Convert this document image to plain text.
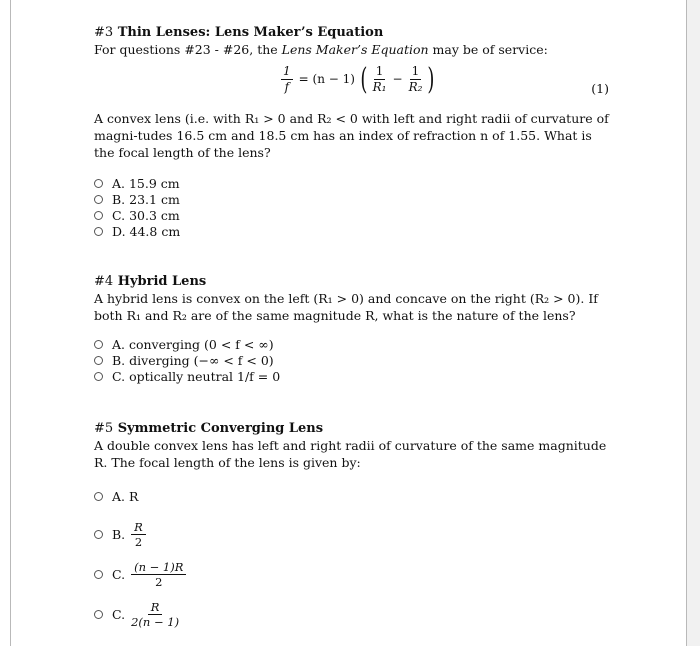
#3 Thin Lenses: Lens Maker’s Equation

For questions #23 - #26, the Lens Maker’s Equation may be of service:

$\frac{1}{f} = (n - 1)$ ( $\frac{1}{\text{R₁}} - \frac{1}{\text{R₂}}$ )	(1)

A convex lens (i.e. with R₁ > 0 and R₂ < 0 with left and right radii of curvature of magni-tudes 16.5 cm and 18.5 cm has an index of refraction n of 1.55. What is the focal length of the lens?

A. 15.9 cm
B. 23.1 cm
C. 30.3 cm
D. 44.8 cm
#4 Hybrid Lens

A hybrid lens is convex on the left (R₁ > 0) and concave on the right (R₂ > 0). If both R₁ and R₂ are of the same magnitude R, what is the nature of the lens?

A. converging (0 < f < ∞)
B. diverging (−∞ < f < 0)
C. optically neutral 1/f = 0
#5 Symmetric Converging Lens

A double convex lens has left and right radii of curvature of the same magnitude R. The focal length of the lens is given by:

A. R
B. R
2
C. (n − 1)R
2
C. R
2(n − 1)
